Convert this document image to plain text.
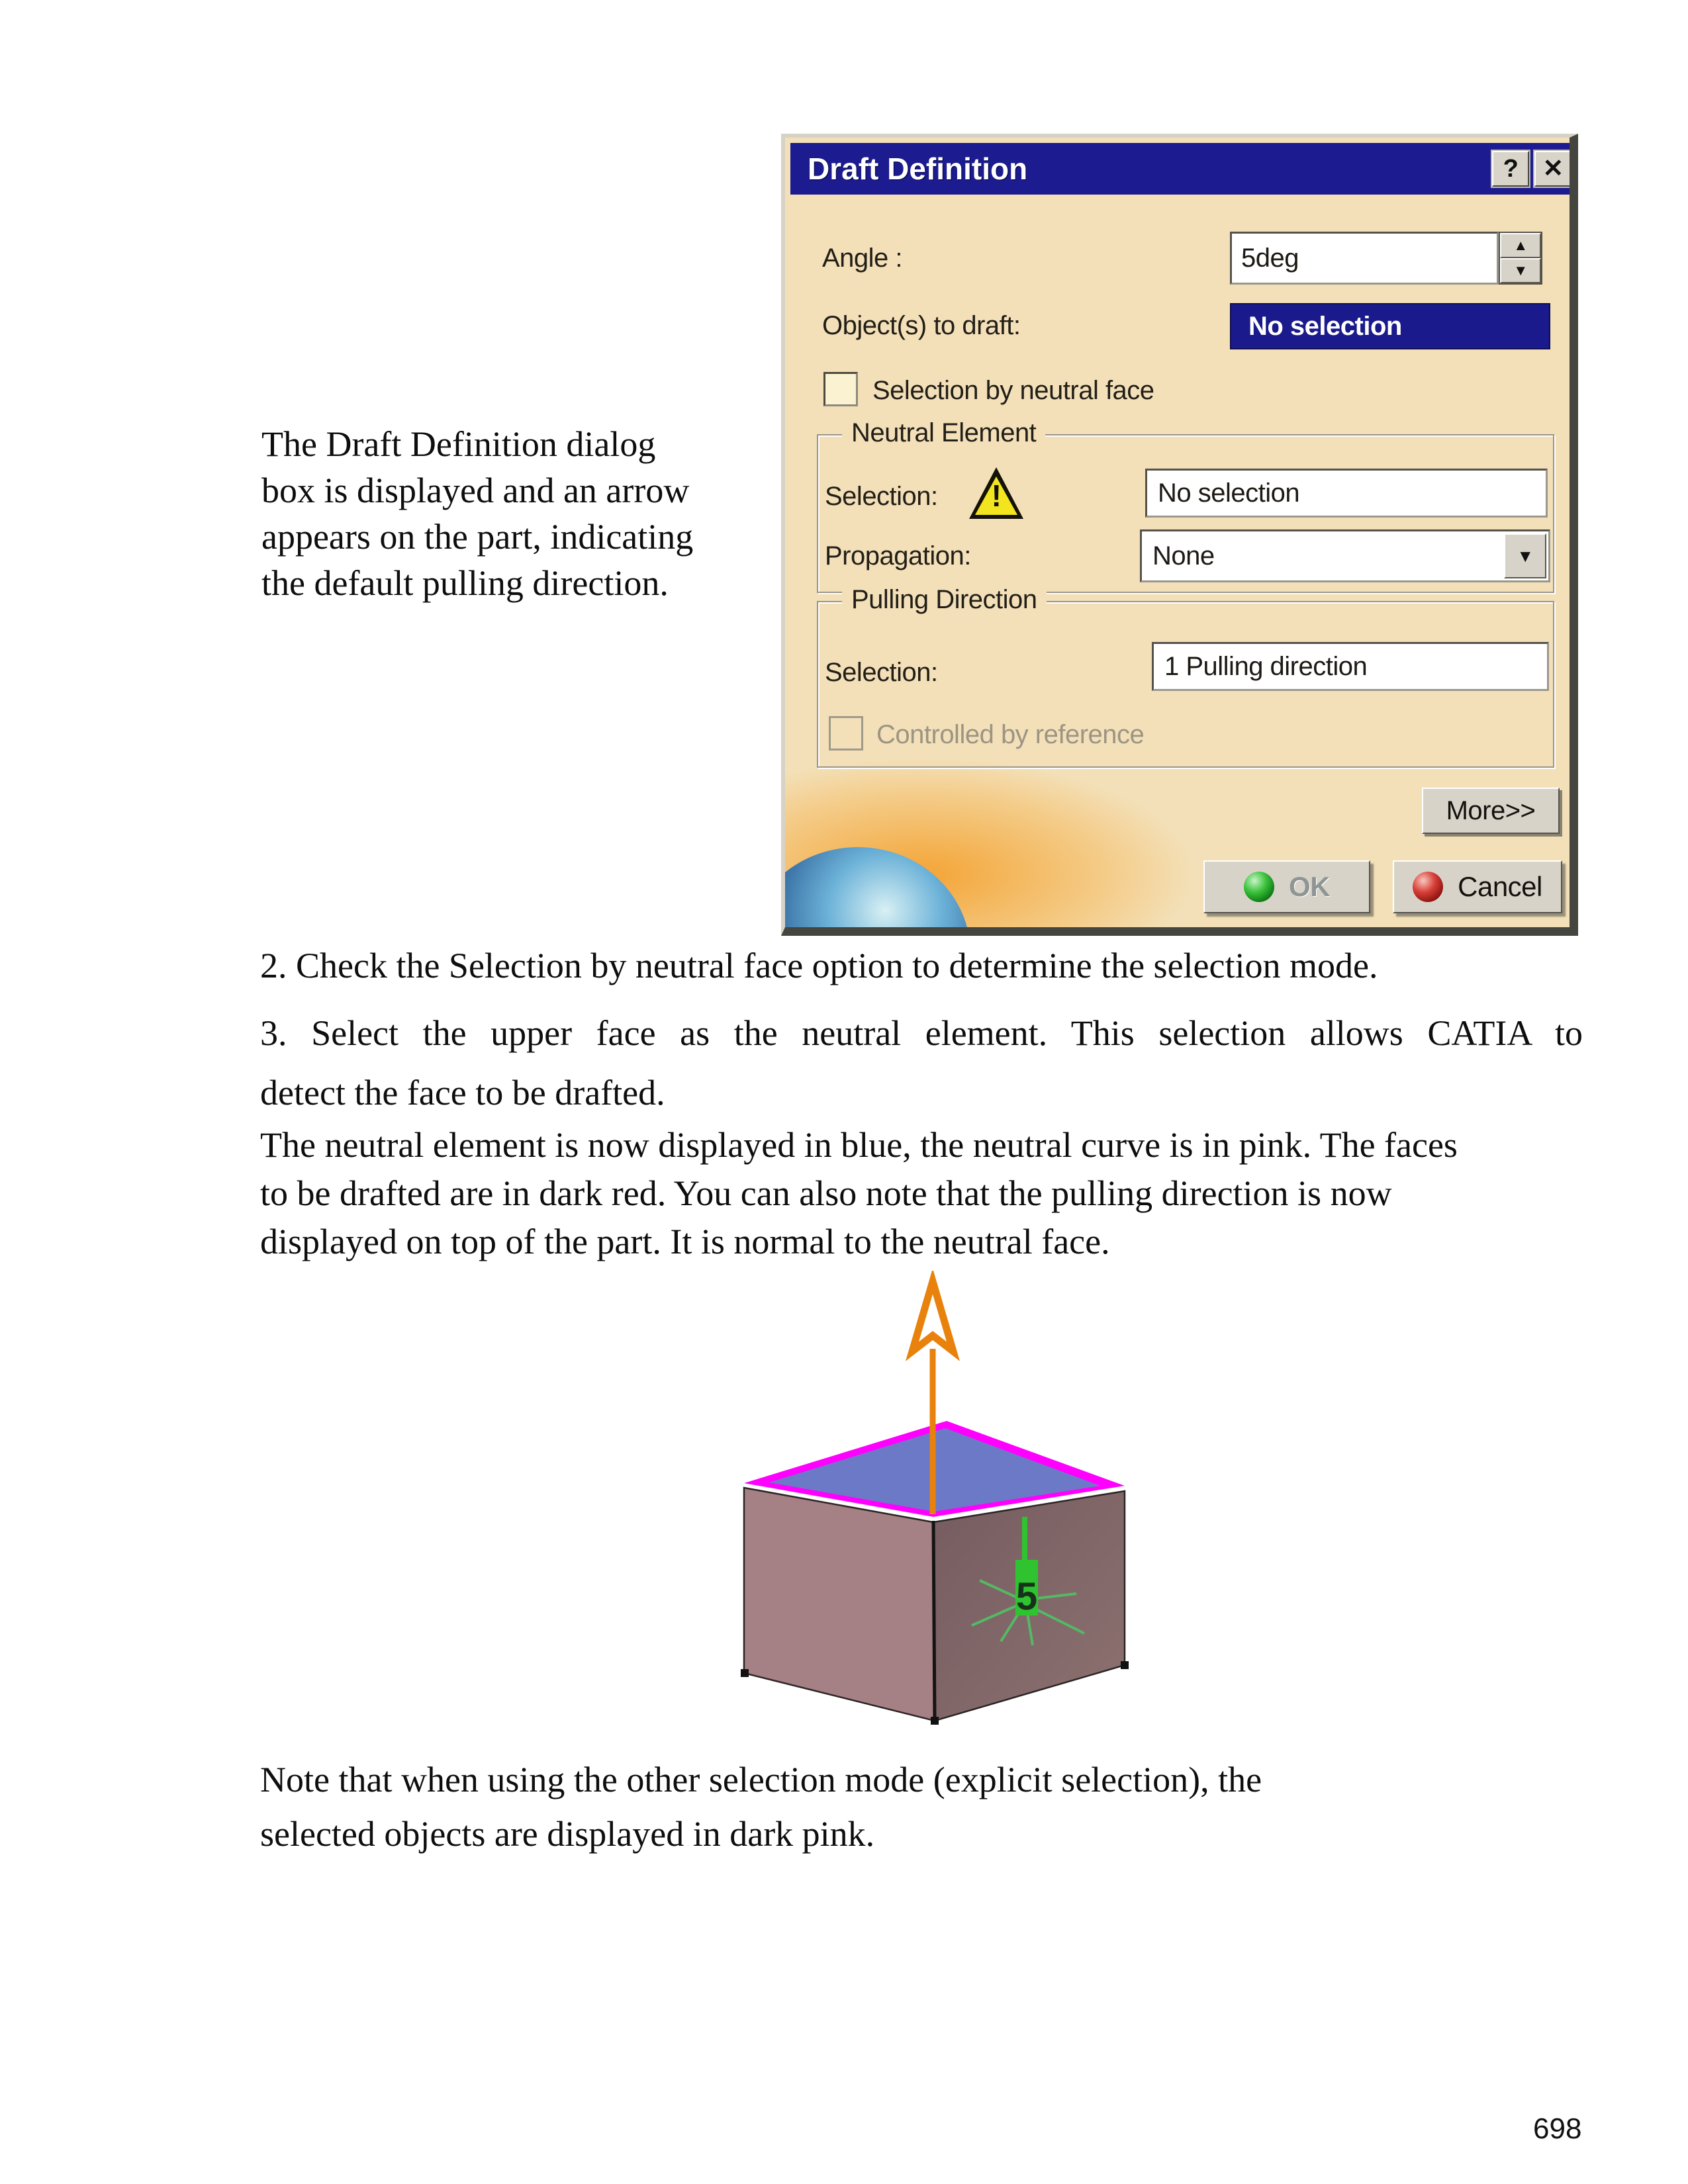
The Draft Definition dialog
box is displayed and an arrow
appears on the part, indicating
the default pulling direction.
2. Check the Selection by neutral face option to determine the selection mode.
3. Select the upper face as the neutral element. This selection allows CATIA to
detect the face to be drafted.
The neutral element is now displayed in blue, the neutral curve is in pink. The faces
to be drafted are in dark red. You can also note that the pulling direction is now
displayed on top of the part. It is normal to the neutral face.
Note that when using the other selection mode (explicit selection), the
selected objects are displayed in dark pink.
698
Draft Definition	? ✕
Angle :	5deg	▲
▼
Object(s) to draft:	No selection
Selection by neutral face
Neutral Element
Selection:	!	No selection
Propagation:	None	▼
Pulling Direction
Selection:	1 Pulling direction
Controlled by reference
More>>
OK	Cancel
5
